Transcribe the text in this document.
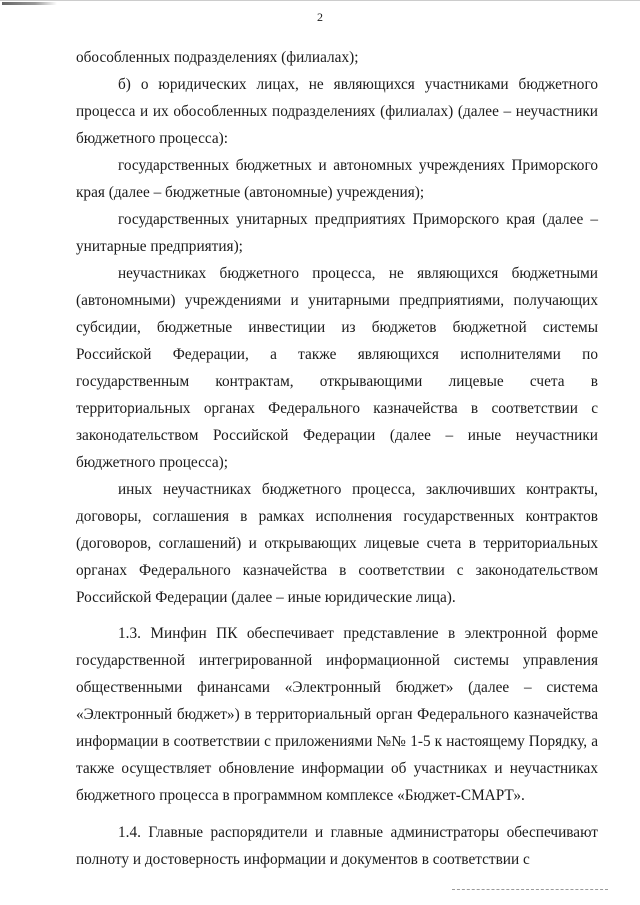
2

обособленных подразделениях (филиалах);

б) о юридических лицах, не являющихся участниками бюджетного процесса и их обособленных подразделениях (филиалах) (далее – неучастники бюджетного процесса):

государственных бюджетных и автономных учреждениях Приморского края (далее – бюджетные (автономные) учреждения);

государственных унитарных предприятиях Приморского края (далее – унитарные предприятия);

неучастниках бюджетного процесса, не являющихся бюджетными (автономными) учреждениями и унитарными предприятиями, получающих субсидии, бюджетные инвестиции из бюджетов бюджетной системы Российской Федерации, а также являющихся исполнителями по государственным контрактам, открывающими лицевые счета в территориальных органах Федерального казначейства в соответствии с законодательством Российской Федерации (далее – иные неучастники бюджетного процесса);

иных неучастниках бюджетного процесса, заключивших контракты, договоры, соглашения в рамках исполнения государственных контрактов (договоров, соглашений) и открывающих лицевые счета в территориальных органах Федерального казначейства в соответствии с законодательством Российской Федерации (далее – иные юридические лица).

1.3. Минфин ПК обеспечивает представление в электронной форме государственной интегрированной информационной системы управления общественными финансами «Электронный бюджет» (далее – система «Электронный бюджет») в территориальный орган Федерального казначейства информации в соответствии с приложениями №№ 1-5 к настоящему Порядку, а также осуществляет обновление информации об участниках и неучастниках бюджетного процесса в программном комплексе «Бюджет-СМАРТ».

1.4. Главные распорядители и главные администраторы обеспечивают полноту и достоверность информации и документов в соответствии с
